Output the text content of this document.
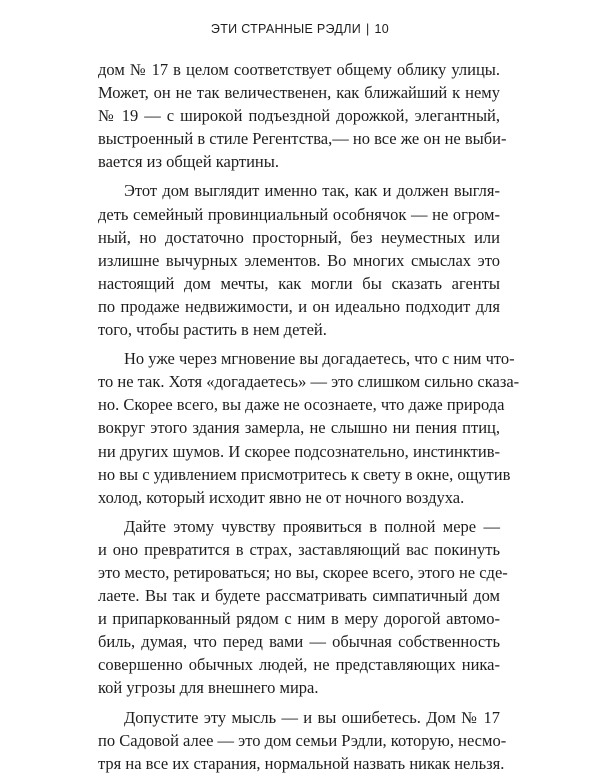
ЭТИ СТРАННЫЕ РЭДЛИ | 10
дом № 17 в целом соответствует общему облику улицы.
Может, он не так величественен, как ближайший к нему
№ 19 — с широкой подъездной дорожкой, элегантный,
выстроенный в стиле Регентства,— но все же он не выби-
вается из общей картины.
Этот дом выглядит именно так, как и должен выгля-
деть семейный провинциальный особнячок — не огром-
ный, но достаточно просторный, без неуместных или
излишне вычурных элементов. Во многих смыслах это
настоящий дом мечты, как могли бы сказать агенты
по продаже недвижимости, и он идеально подходит для
того, чтобы растить в нем детей.
Но уже через мгновение вы догадаетесь, что с ним что-
то не так. Хотя «догадаетесь» — это слишком сильно сказа-
но. Скорее всего, вы даже не осознаете, что даже природа
вокруг этого здания замерла, не слышно ни пения птиц,
ни других шумов. И скорее подсознательно, инстинктив-
но вы с удивлением присмотритесь к свету в окне, ощутив
холод, который исходит явно не от ночного воздуха.
Дайте этому чувству проявиться в полной мере —
и оно превратится в страх, заставляющий вас покинуть
это место, ретироваться; но вы, скорее всего, этого не сде-
лаете. Вы так и будете рассматривать симпатичный дом
и припаркованный рядом с ним в меру дорогой автомо-
биль, думая, что перед вами — обычная собственность
совершенно обычных людей, не представляющих ника-
кой угрозы для внешнего мира.
Допустите эту мысль — и вы ошибетесь. Дом № 17
по Садовой алее — это дом семьи Рэдли, которую, несмо-
тря на все их старания, нормальной назвать никак нельзя.
